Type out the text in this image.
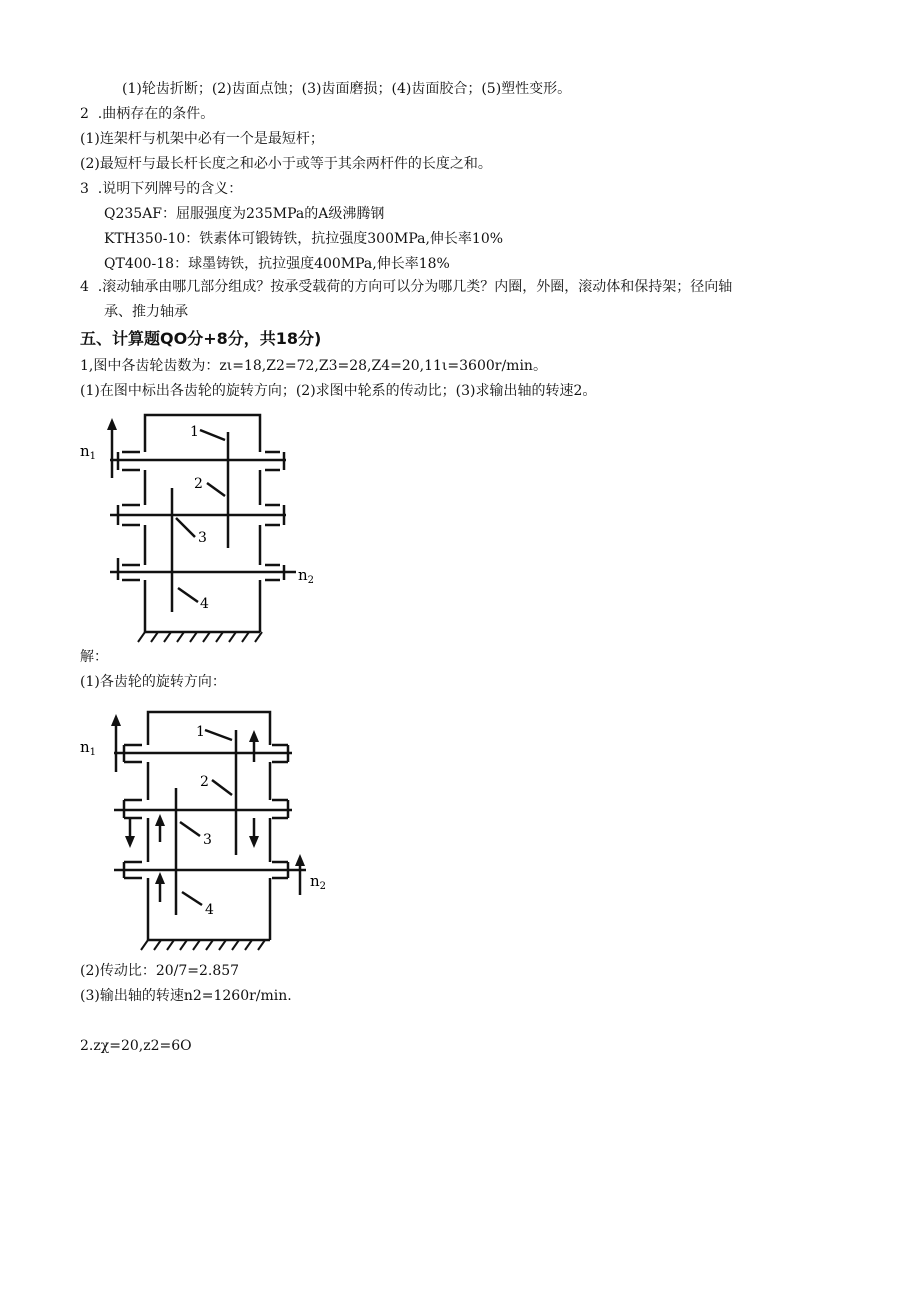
(1)轮齿折断；(2)齿面点蚀；(3)齿面磨损；(4)齿面胶合；(5)塑性变形。
2  .曲柄存在的条件。
(1)连架杆与机架中必有一个是最短杆；
(2)最短杆与最长杆长度之和必小于或等于其余两杆件的长度之和。
3  .说明下列牌号的含义：
Q235AF：屈服强度为235MPa的A级沸腾钢
KTH350-10：铁素体可锻铸铁，抗拉强度300MPa,伸长率10%
QT400-18：球墨铸铁，抗拉强度400MPa,伸长率18%
4  .滚动轴承由哪几部分组成？按承受载荷的方向可以分为哪几类？内圈，外圈，滚动体和保持架；径向轴
承、推力轴承
五、计算题QO分+8分，共18分)
1,图中各齿轮齿数为：zι=18,Z2=72,Z3=28,Z4=20,11ι=3600r∕min。
(1)在图中标出各齿轮的旋转方向；(2)求图中轮系的传动比；(3)求输出轴的转速2。
$n_1$
$n_2$
1
2
3
4
解：
(1)各齿轮的旋转方向：
$n_1$
$n_2$
1
2
3
4
(2)传动比：20/7=2.857
(3)输出轴的转速n2=1260r∕min.
2.zχ=20,z2=6O
